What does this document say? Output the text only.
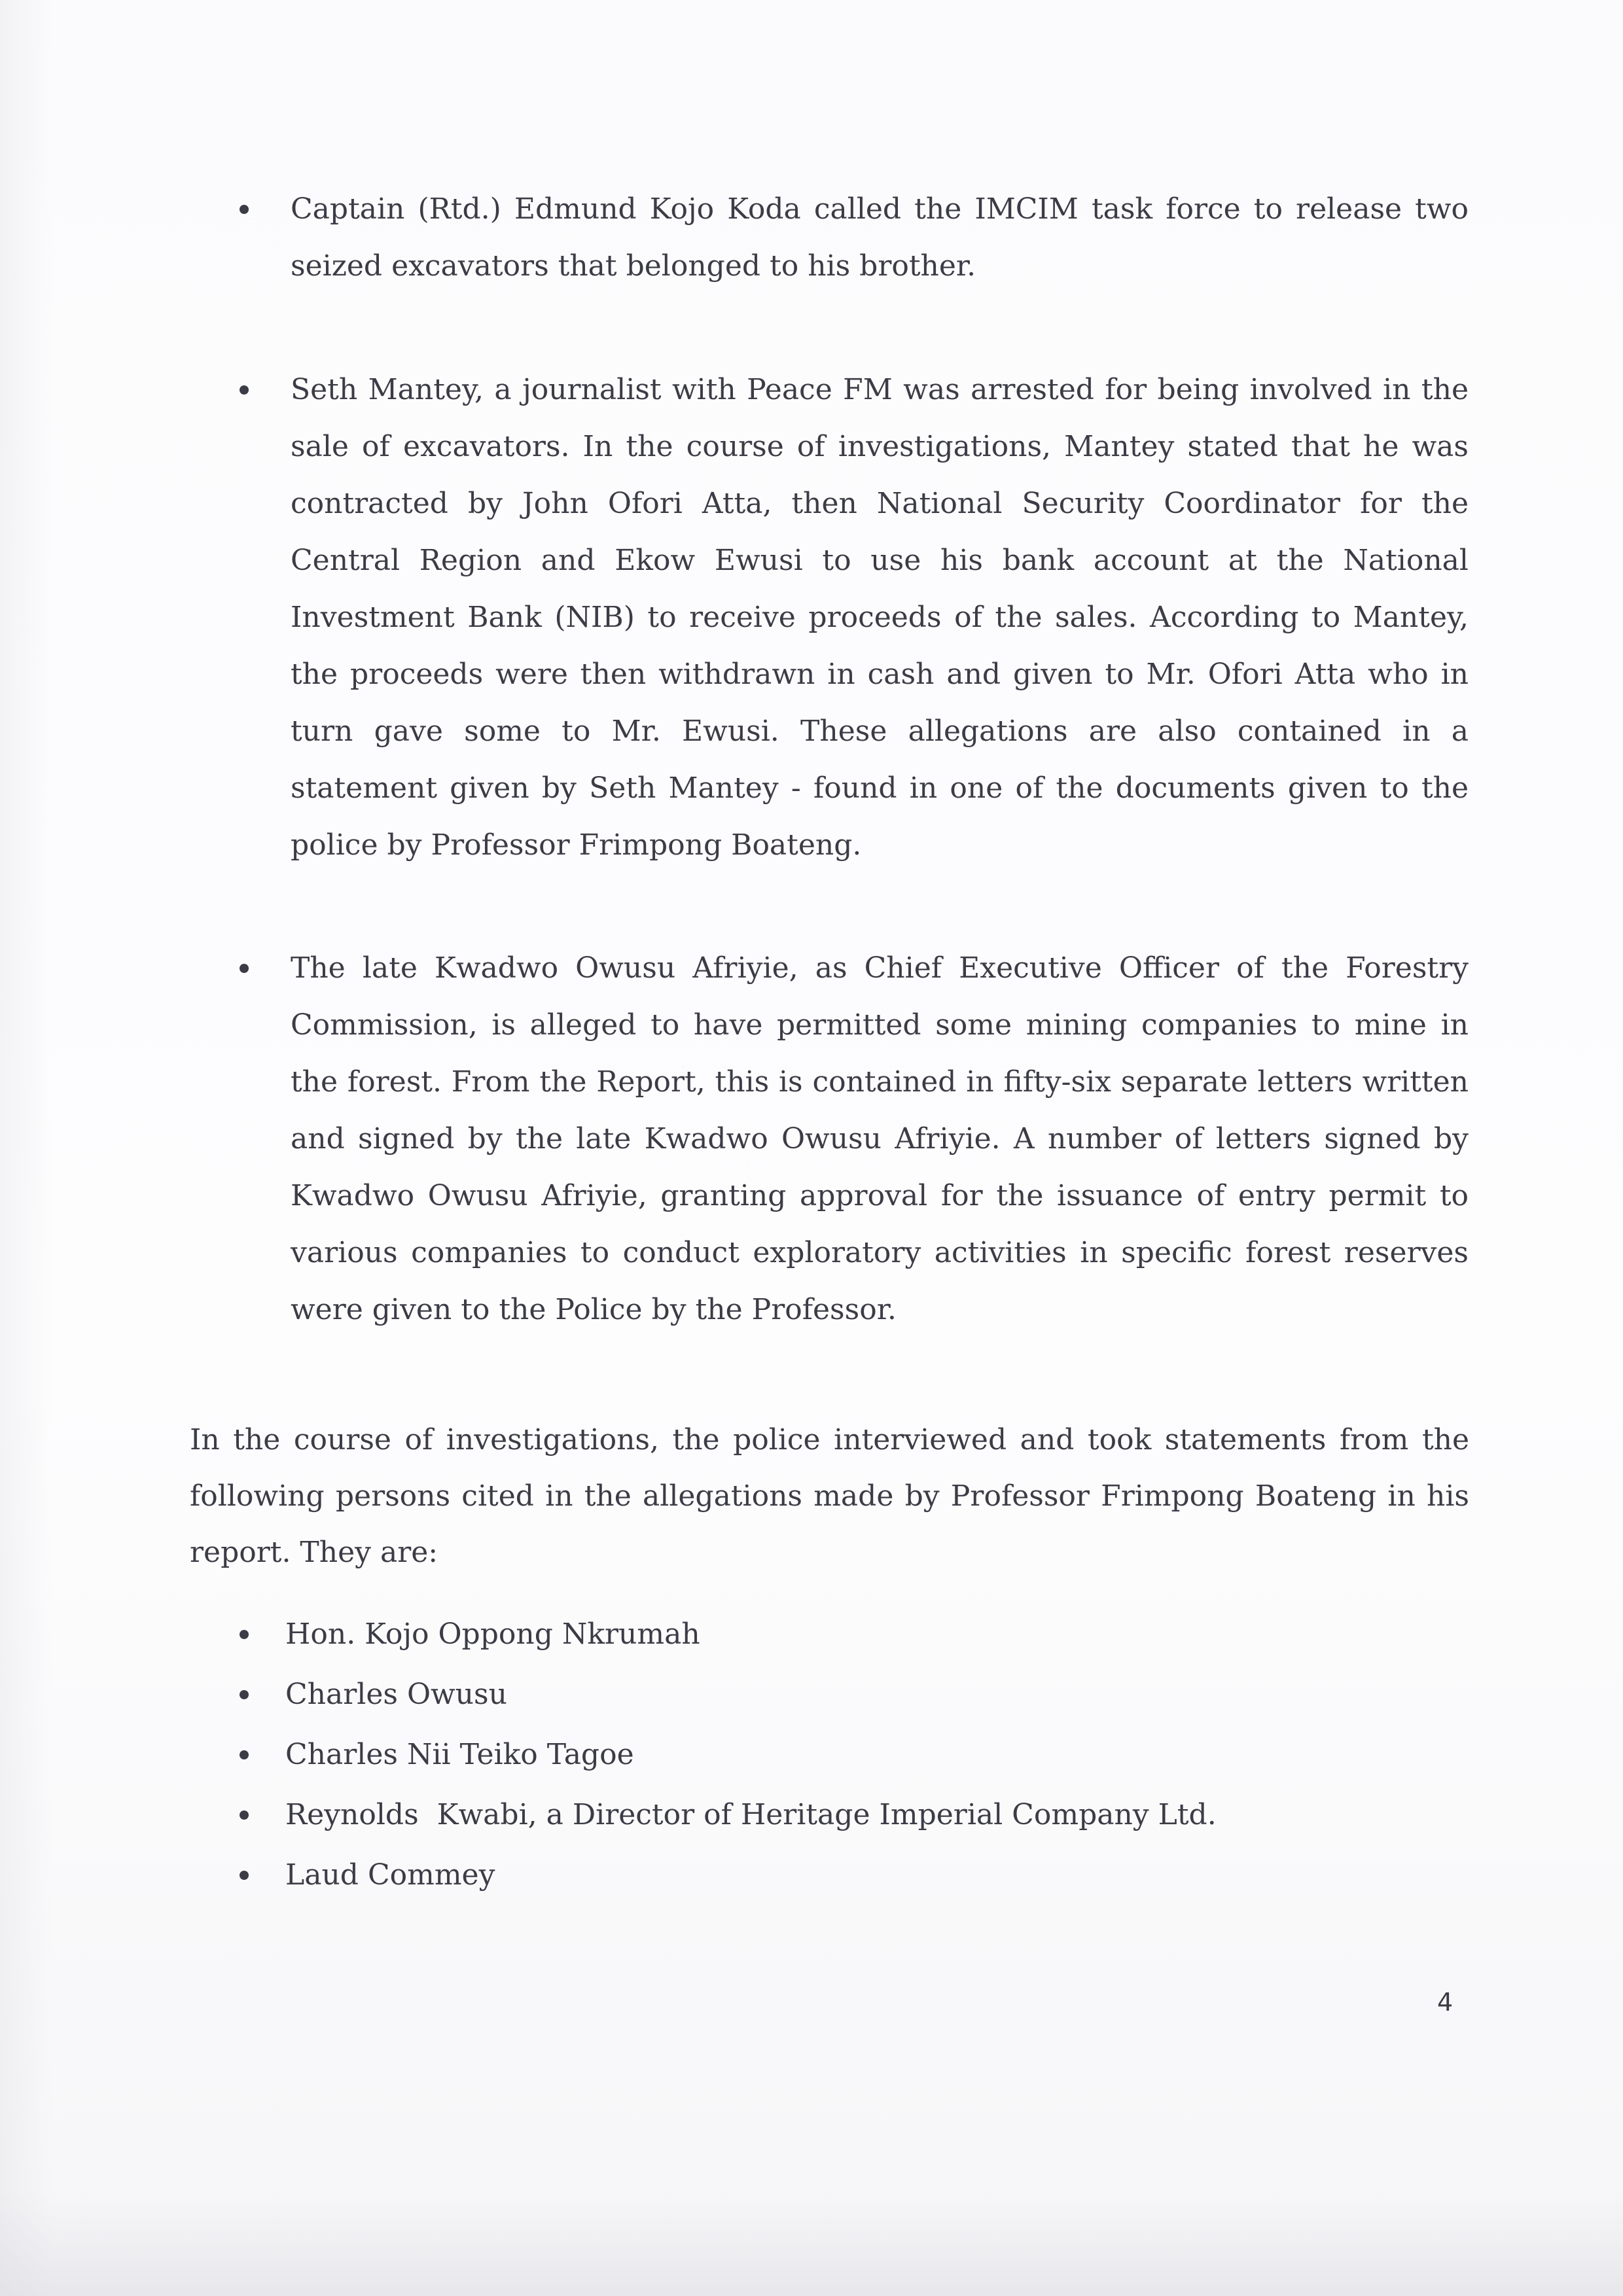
Captain (Rtd.) Edmund Kojo Koda called the IMCIM task force to release two seized excavators that belonged to his brother.

Seth Mantey, a journalist with Peace FM was arrested for being involved in the sale of excavators. In the course of investigations, Mantey stated that he was contracted by John Ofori Atta, then National Security Coordinator for the Central Region and Ekow Ewusi to use his bank account at the National Investment Bank (NIB) to receive proceeds of the sales. According to Mantey, the proceeds were then withdrawn in cash and given to Mr. Ofori Atta who in turn gave some to Mr. Ewusi. These allegations are also contained in a statement given by Seth Mantey - found in one of the documents given to the police by Professor Frimpong Boateng.

The late Kwadwo Owusu Afriyie, as Chief Executive Officer of the Forestry Commission, is alleged to have permitted some mining companies to mine in the forest. From the Report, this is contained in fifty-six separate letters written and signed by the late Kwadwo Owusu Afriyie. A number of letters signed by Kwadwo Owusu Afriyie, granting approval for the issuance of entry permit to various companies to conduct exploratory activities in specific forest reserves were given to the Police by the Professor.

In the course of investigations, the police interviewed and took statements from the following persons cited in the allegations made by Professor Frimpong Boateng in his report. They are:

Hon. Kojo Oppong Nkrumah
Charles Owusu
Charles Nii Teiko Tagoe
Reynolds  Kwabi, a Director of Heritage Imperial Company Ltd.
Laud Commey
4
